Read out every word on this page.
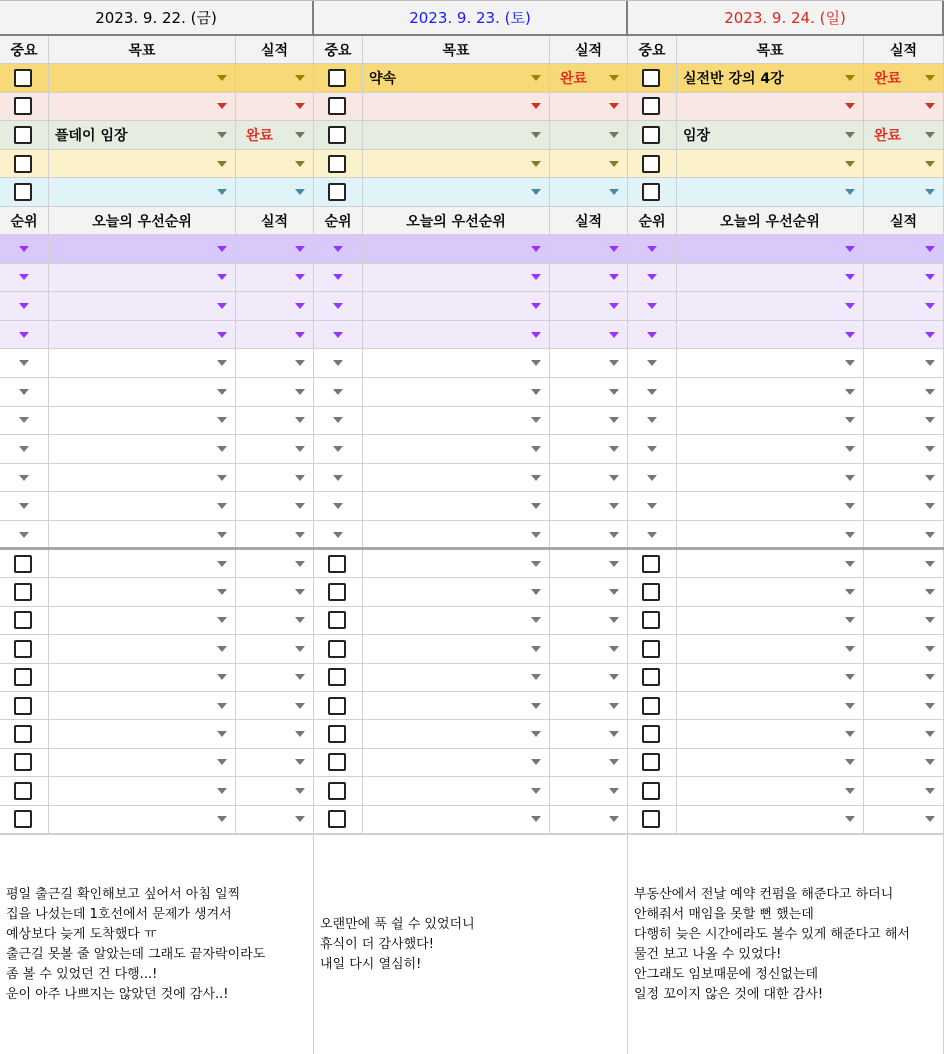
2023. 9. 22. (금)
중요	목표	실적
플데이 임장	완료
순위	오늘의 우선순위	실적

평일 출근길 확인해보고 싶어서 아침 일찍
집을 나섰는데 1호선에서 문제가 생겨서
예상보다 늦게 도착했다 ㅠ
출근길 못볼 줄 알았는데 그래도 끝자락이라도
좀 볼 수 있었던 건 다행...!
운이 아주 나쁘지는 않았던 것에 감사..!

2023. 9. 23. (토)
중요	목표	실적
약속	완료
순위	오늘의 우선순위	실적

오랜만에 푹 쉴 수 있었더니
휴식이 더 감사했다!
내일 다시 열심히!

2023. 9. 24. (일)
중요	목표	실적
실전반 강의 4강	완료
임장	완료
순위	오늘의 우선순위	실적

부동산에서 전날 예약 컨펌을 해준다고 하더니
안해줘서 매임을 못할 뻔 했는데
다행히 늦은 시간에라도 볼수 있게 해준다고 해서
물건 보고 나올 수 있었다!
안그래도 임보때문에 정신없는데
일정 꼬이지 않은 것에 대한 감사!
